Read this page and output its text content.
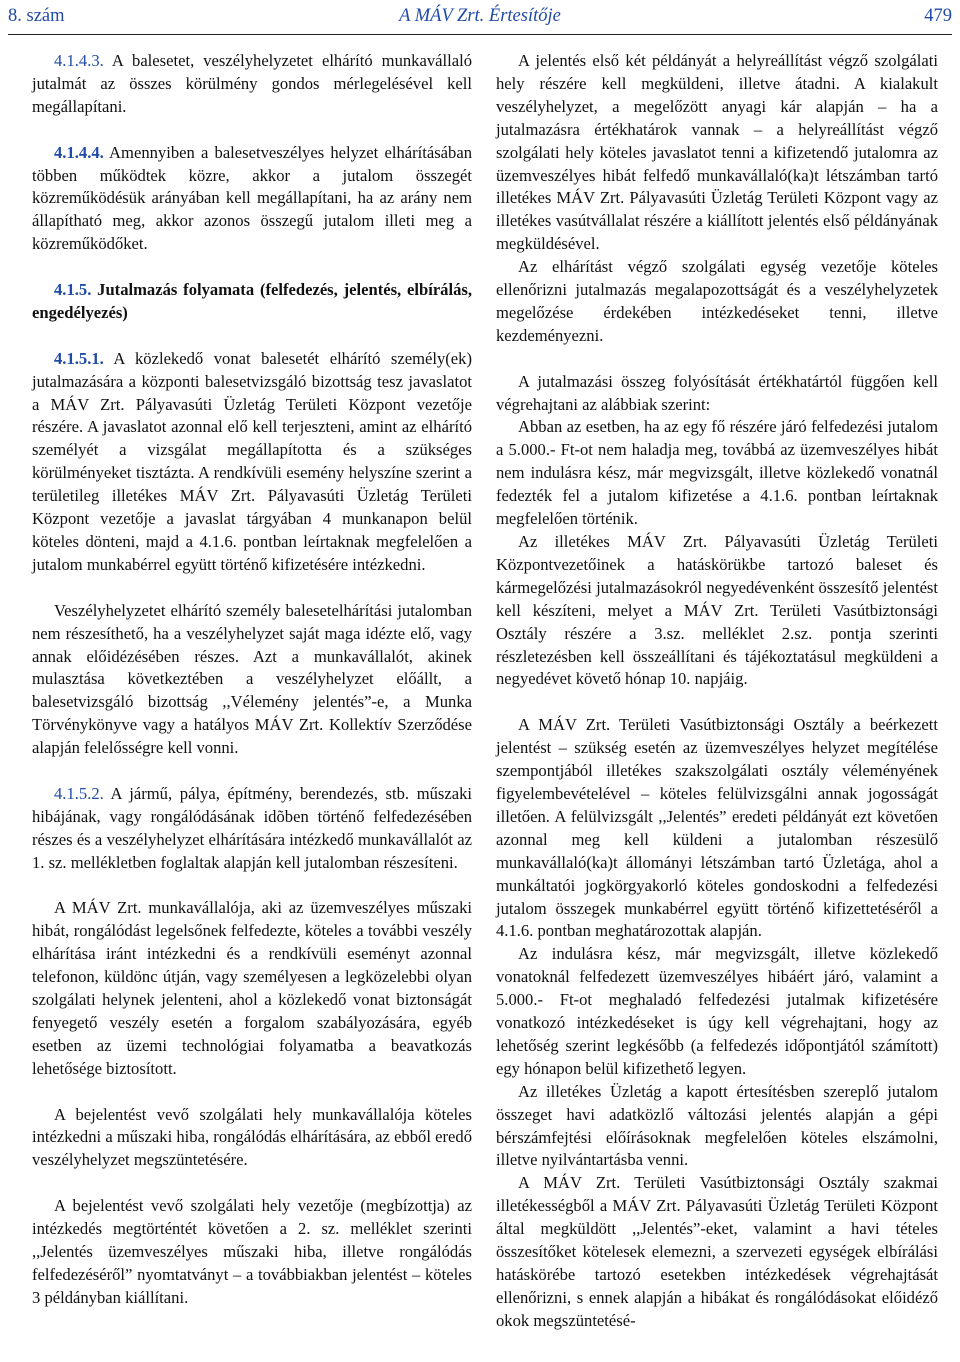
8. szám	A MÁV Zrt. Értesítője	479

4.1.4.3. A balesetet, veszélyhelyzetet elhárító munkavállaló jutalmát az összes körülmény gondos mérlegelésével kell megállapítani.

4.1.4.4. Amennyiben a balesetveszélyes helyzet elhárításában többen működtek közre, akkor a jutalom összegét közreműködésük arányában kell megállapítani, ha az arány nem állapítható meg, akkor azonos összegű jutalom illeti meg a közreműködőket.

4.1.5. Jutalmazás folyamata (felfedezés, jelentés, elbírálás, engedélyezés)

4.1.5.1. A közlekedő vonat balesetét elhárító személy(ek) jutalmazására a központi balesetvizsgáló bizottság tesz javaslatot a MÁV Zrt. Pályavasúti Üzletág Területi Központ vezetője részére. A javaslatot azonnal elő kell terjeszteni, amint az elhárító személyét a vizsgálat megállapította és a szükséges körülményeket tisztázta. A rendkívüli esemény helyszíne szerint a területileg illetékes MÁV Zrt. Pályavasúti Üzletág Területi Központ vezetője a javaslat tárgyában 4 munkanapon belül köteles dönteni, majd a 4.1.6. pontban leírtaknak megfelelően a jutalom munkabérrel együtt történő kifizetésére intézkedni.

Veszélyhelyzetet elhárító személy balesetelhárítási jutalomban nem részesíthető, ha a veszélyhelyzet saját maga idézte elő, vagy annak előidézésében részes. Azt a munkavállalót, akinek mulasztása következtében a veszélyhelyzet előállt, a balesetvizsgáló bizottság ,,Vélemény jelentés”-e, a Munka Törvénykönyve vagy a hatályos MÁV Zrt. Kollektív Szerződése alapján felelősségre kell vonni.

4.1.5.2. A jármű, pálya, építmény, berendezés, stb. műszaki hibájának, vagy rongálódásának idõben történő felfedezésében részes és a veszélyhelyzet elhárítására intézkedő munkavállalót az 1. sz. mellékletben foglaltak alapján kell jutalomban részesíteni.

A MÁV Zrt. munkavállalója, aki az üzemveszélyes műszaki hibát, rongálódást legelsőnek felfedezte, köteles a további veszély elhárítása iránt intézkedni és a rendkívüli eseményt azonnal telefonon, küldönc útján, vagy személyesen a legközelebbi olyan szolgálati helynek jelenteni, ahol a közlekedő vonat biztonságát fenyegető veszély esetén a forgalom szabályozására, egyéb esetben az üzemi technológiai folyamatba a beavatkozás lehetősége biztosított.

A bejelentést vevő szolgálati hely munkavállalója köteles intézkedni a műszaki hiba, rongálódás elhárítására, az ebből eredő veszélyhelyzet megszüntetésére.

A bejelentést vevő szolgálati hely vezetője (megbízottja) az intézkedés megtörténtét követően a 2. sz. melléklet szerinti ,,Jelentés üzemveszélyes műszaki hiba, illetve rongálódás felfedezéséről” nyomtatványt – a továbbiakban jelentést – köteles 3 példányban kiállítani.

A jelentés első két példányát a helyreállítást végző szolgálati hely részére kell megküldeni, illetve átadni. A kialakult veszélyhelyzet, a megelőzött anyagi kár alapján – ha a jutalmazásra értékhatárok vannak – a helyreállítást végző szolgálati hely köteles javaslatot tenni a kifizetendő jutalomra az üzemveszélyes hibát felfedő munkavállaló(ka)t létszámban tartó illetékes MÁV Zrt. Pályavasúti Üzletág Területi Központ vagy az illetékes vasútvállalat részére a kiállított jelentés első példányának megküldésével.

Az elhárítást végző szolgálati egység vezetője köteles ellenőrizni jutalmazás megalapozottságát és a veszélyhelyzetek megelőzése érdekében intézkedéseket tenni, illetve kezdeményezni.

A jutalmazási összeg folyósítását értékhatártól függően kell végrehajtani az alábbiak szerint:

Abban az esetben, ha az egy fő részére járó felfedezési jutalom a 5.000.- Ft-ot nem haladja meg, továbbá az üzemveszélyes hibát nem indulásra kész, már megvizsgált, illetve közlekedő vonatnál fedezték fel a jutalom kifizetése a 4.1.6. pontban leírtaknak megfelelően történik.

Az illetékes MÁV Zrt. Pályavasúti Üzletág Területi Központvezetőinek a hatáskörükbe tartozó baleset és kármegelőzési jutalmazásokról negyedévenként összesítő jelentést kell készíteni, melyet a MÁV Zrt. Területi Vasútbiztonsági Osztály részére a 3.sz. melléklet 2.sz. pontja szerinti részletezésben kell összeállítani és tájékoztatásul megküldeni a negyedévet követő hónap 10. napjáig.

A MÁV Zrt. Területi Vasútbiztonsági Osztály a beérkezett jelentést – szükség esetén az üzemveszélyes helyzet megítélése szempontjából illetékes szakszolgálati osztály véleményének figyelembevételével – köteles felülvizsgálni annak jogosságát illetően. A felülvizsgált ,,Jelentés” eredeti példányát ezt követően azonnal meg kell küldeni a jutalomban részesülő munkavállaló(ka)t állományi létszámban tartó Üzletága, ahol a munkáltatói jogkörgyakorló köteles gondoskodni a felfedezési jutalom összegek munkabérrel együtt történő kifizettetéséről a 4.1.6. pontban meghatározottak alapján.

Az indulásra kész, már megvizsgált, illetve közlekedő vonatoknál felfedezett üzemveszélyes hibáért járó, valamint a 5.000.- Ft-ot meghaladó felfedezési jutalmak kifizetésére vonatkozó intézkedéseket is úgy kell végrehajtani, hogy az lehetőség szerint legkésőbb (a felfedezés időpontjától számított) egy hónapon belül kifizethető legyen.

Az illetékes Üzletág a kapott értesítésben szereplő jutalom összeget havi adatközlő változási jelentés alapján a gépi bérszámfejtési előírásoknak megfelelően köteles elszámolni, illetve nyilvántartásba venni.

A MÁV Zrt. Területi Vasútbiztonsági Osztály szakmai illetékességből a MÁV Zrt. Pályavasúti Üzletág Területi Központ által megküldött ,,Jelentés”-eket, valamint a havi tételes összesítőket kötelesek elemezni, a szervezeti egységek elbírálási hatáskörébe tartozó esetekben intézkedések végrehajtását ellenőrizni, s ennek alapján a hibákat és rongálódásokat előidéző okok megszüntetésé-
